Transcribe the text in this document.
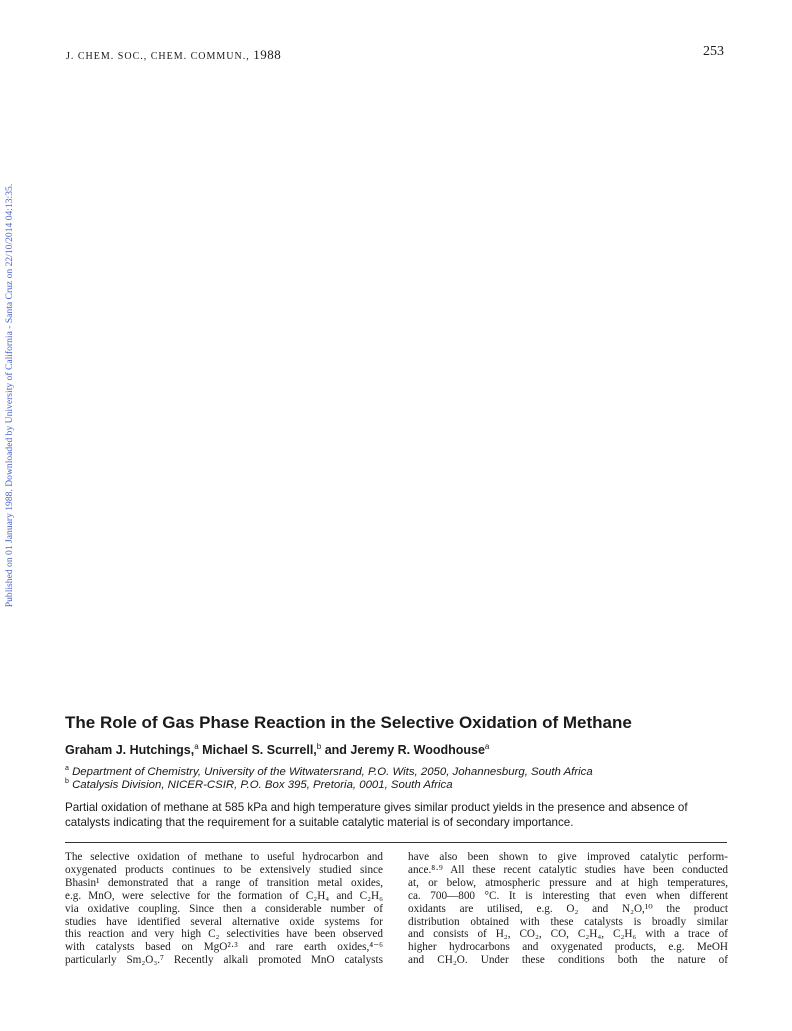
J. CHEM. SOC., CHEM. COMMUN., 1988	253
Published on 01 January 1988. Downloaded by University of California - Santa Cruz on 22/10/2014 04:13:35.
The Role of Gas Phase Reaction in the Selective Oxidation of Methane
Graham J. Hutchings,$^a$ Michael S. Scurrell,$^b$ and Jeremy R. Woodhouse$^a$
$^a$ Department of Chemistry, University of the Witwatersrand, P.O. Wits, 2050, Johannesburg, South Africa
$^b$ Catalysis Division, NICER-CSIR, P.O. Box 395, Pretoria, 0001, South Africa
Partial oxidation of methane at 585 kPa and high temperature gives similar product yields in the presence and absence of catalysts indicating that the requirement for a suitable catalytic material is of secondary importance.

The selective oxidation of methane to useful hydrocarbon and
oxygenated products continues to be extensively studied since
Bhasin¹ demonstrated that a range of transition metal oxides,
e.g. MnO, were selective for the formation of C₂H₄ and C₂H₆
via oxidative coupling. Since then a considerable number of
studies have identified several alternative oxide systems for
this reaction and very high C₂ selectivities have been observed
with catalysts based on MgO²·³ and rare earth oxides,⁴⁻⁶
particularly Sm₂O₃.⁷ Recently alkali promoted MnO catalysts

have also been shown to give improved catalytic perform-
ance.⁸·⁹ All these recent catalytic studies have been conducted
at, or below, atmospheric pressure and at high temperatures,
ca. 700—800 °C. It is interesting that even when different
oxidants are utilised, e.g. O₂ and N₂O,¹⁰ the product
distribution obtained with these catalysts is broadly similar
and consists of H₂, CO₂, CO, C₂H₄, C₂H₆ with a trace of
higher hydrocarbons and oxygenated products, e.g. MeOH
and CH₂O. Under these conditions both the nature of
